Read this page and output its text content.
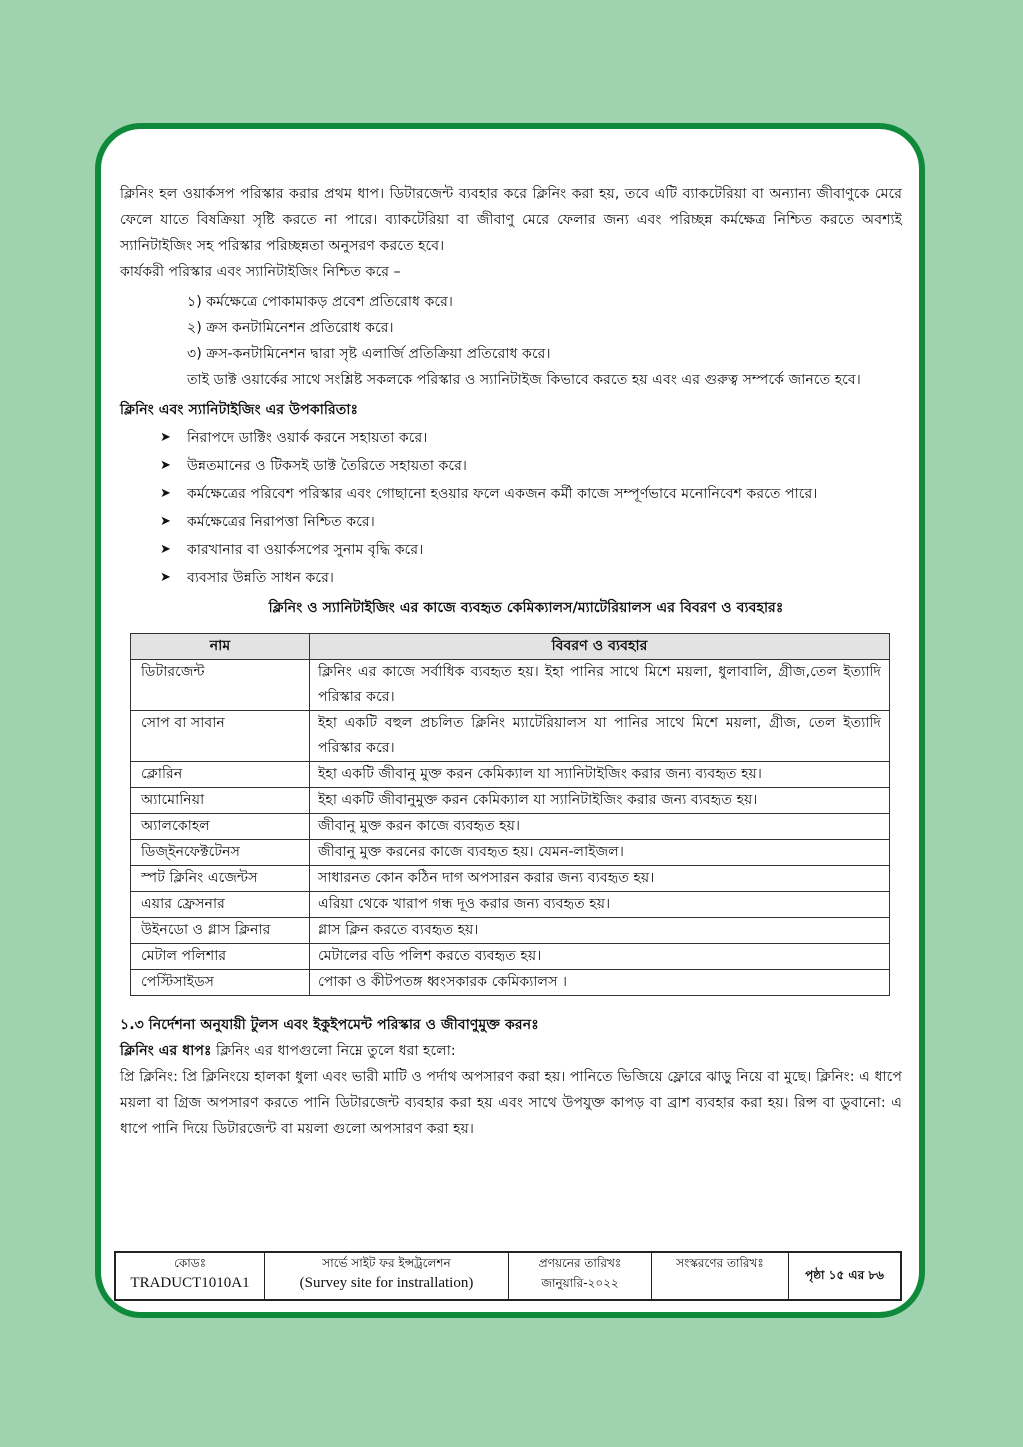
ক্লিনিং হল ওয়ার্কসপ পরিস্কার করার প্রথম ধাপ। ডিটারজেন্ট ব্যবহার করে ক্লিনিং করা হয়, তবে এটি ব্যাকটেরিয়া বা অন্যান্য জীবাণুকে মেরে ফেলে যাতে বিষক্রিয়া সৃষ্টি করতে না পারে। ব্যাকটেরিয়া বা জীবাণু মেরে ফেলার জন্য এবং পরিচ্ছন্ন কর্মক্ষেত্র নিশ্চিত করতে অবশ্যই স্যানিটাইজিং সহ পরিস্কার পরিচ্ছন্নতা অনুসরণ করতে হবে।

কার্যকরী পরিস্কার এবং স্যানিটাইজিং নিশ্চিত করে –

১) কর্মক্ষেত্রে পোকামাকড় প্রবেশ প্রতিরোধ করে।
২) ক্রস কনটামিনেশন প্রতিরোধ করে।
৩) ক্রস-কনটামিনেশন দ্বারা সৃষ্ট এলার্জি প্রতিক্রিয়া প্রতিরোধ করে।
তাই ডাক্ট ওয়ার্কের সাথে সংশ্লিষ্ট সকলকে পরিস্কার ও স্যানিটাইজ কিভাবে করতে হয় এবং এর গুরুত্ব সম্পর্কে জানতে হবে।
ক্লিনিং এবং স্যানিটাইজিং এর উপকারিতাঃ
➤ নিরাপদে ডাক্টিং ওয়ার্ক করনে সহায়তা করে।
➤ উন্নতমানের ও টিকসই ডাক্ট তৈরিতে সহায়তা করে।
➤ কর্মক্ষেত্রের পরিবেশ পরিস্কার এবং গোছানো হওয়ার ফলে একজন কর্মী কাজে সম্পূর্ণভাবে মনোনিবেশ করতে পারে।
➤ কর্মক্ষেত্রের নিরাপত্তা নিশ্চিত করে।
➤ কারখানার বা ওয়ার্কসপের সুনাম বৃদ্ধি করে।
➤ ব্যবসার উন্নতি সাধন করে।
ক্লিনিং ও স্যানিটাইজিং এর কাজে ব্যবহৃত কেমিক্যালস/ম্যাটেরিয়ালস এর বিবরণ ও ব্যবহারঃ
নাম	বিবরণ ও ব্যবহার
ডিটারজেন্ট	ক্লিনিং এর কাজে সর্বাধিক ব্যবহৃত হয়। ইহা পানির সাথে মিশে ময়লা, ধুলাবালি, গ্রীজ,তেল ইত্যাদি পরিস্কার করে।
সোপ বা সাবান	ইহা একটি বহুল প্রচলিত ক্লিনিং ম্যাটেরিয়ালস যা পানির সাথে মিশে ময়লা, গ্রীজ, তেল ইত্যাদি পরিস্কার করে।
ক্লোরিন	ইহা একটি জীবানু মুক্ত করন কেমিক্যাল যা স্যানিটাইজিং করার জন্য ব্যবহৃত হয়।
অ্যামোনিয়া	ইহা একটি জীবানুমুক্ত করন কেমিক্যাল যা স্যানিটাইজিং করার জন্য ব্যবহৃত হয়।
অ্যালকোহল	জীবানু মুক্ত করন কাজে ব্যবহৃত হয়।
ডিজ্ইনফেক্টটেনস	জীবানু মুক্ত করনের কাজে ব্যবহৃত হয়। যেমন-লাইজল।
স্পট ক্লিনিং এজেন্টস	সাধারনত কোন কঠিন দাগ অপসারন করার জন্য ব্যবহৃত হয়।
এয়ার ফ্রেসনার	এরিয়া থেকে খারাপ গন্ধ দূও করার জন্য ব্যবহৃত হয়।
উইনডো ও গ্লাস ক্লিনার	গ্লাস ক্লিন করতে ব্যবহৃত হয়।
মেটাল পলিশার	মেটালের বডি পলিশ করতে ব্যবহৃত হয়।
পেস্টিসাইডস	পোকা ও কীটপতঙ্গ ধ্বংসকারক কেমিক্যালস ।
১.৩ নির্দেশনা অনুযায়ী টুলস এবং ইকুইপমেন্ট পরিস্কার ও জীবাণুমুক্ত করনঃ
ক্লিনিং এর ধাপঃ ক্লিনিং এর ধাপগুলো নিম্নে তুলে ধরা হলো:

প্রি ক্লিনিং: প্রি ক্লিনিংয়ে হালকা ধুলা এবং ভারী মাটি ও পর্দাথ অপসারণ করা হয়। পানিতে ভিজিয়ে ফ্লোরে ঝাড়ু নিয়ে বা মুছে। ক্লিনিং: এ ধাপে ময়লা বা গ্রিজ অপসারণ করতে পানি ডিটারজেন্ট ব্যবহার করা হয় এবং সাথে উপযুক্ত কাপড় বা ব্রাশ ব্যবহার করা হয়। রিন্স বা ডুবানো: এ ধাপে পানি দিয়ে ডিটারজেন্ট বা ময়লা গুলো অপসারণ করা হয়।

কোডঃ
TRADUCT1010A1
সার্ভে সাইট ফর ইন্সট্রলেশন
(Survey site for instrallation)
প্রণয়নের তারিখঃ
জানুয়ারি-২০২২
সংস্করণের তারিখঃ
পৃষ্ঠা ১৫ এর ৮৬
